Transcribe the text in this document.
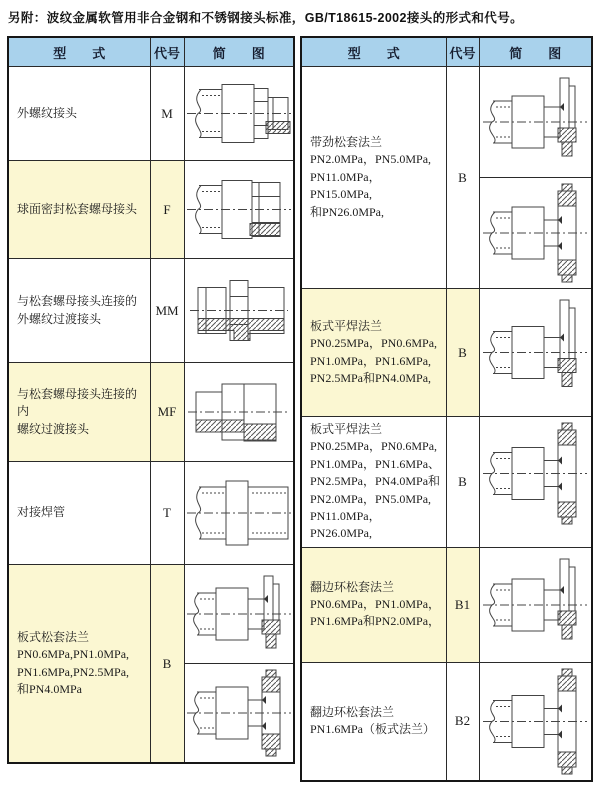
另附：波纹金属软管用非合金钢和不锈钢接头标准，GB/T18615-2002接头的形式和代号。
型　　式	代号	简　　图

外螺纹接头	M	

球面密封松套螺母接头	F	

与松套螺母接头连接的
外螺纹过渡接头	MM	

与松套螺母接头连接的内
螺纹过渡接头	MF	

对接焊管	T	

板式松套法兰
PN0.6MPa,PN1.0MPa,
PN1.6MPa,PN2.5MPa,
和PN4.0MPa	B	
型　　式	代号	简　　图

带劲松套法兰
PN2.0MPa，PN5.0MPa,
PN11.0MPa，PN15.0MPa,
和PN26.0MPa,	B	

板式平焊法兰
PN0.25MPa，PN0.6MPa,
PN1.0MPa，PN1.6MPa,
PN2.5MPa和PN4.0MPa,	B	

板式平焊法兰
PN0.25MPa，PN0.6MPa,
PN1.0MPa，PN1.6MPa、
PN2.5MPa，PN4.0MPa和
PN2.0MPa，PN5.0MPa,
PN11.0MPa，PN26.0MPa,
	B	

翻边环松套法兰
PN0.6MPa，PN1.0MPa，
PN1.6MPa和PN2.0MPa，	B1	

翻边环松套法兰
PN1.6MPa（板式法兰）	B2	
